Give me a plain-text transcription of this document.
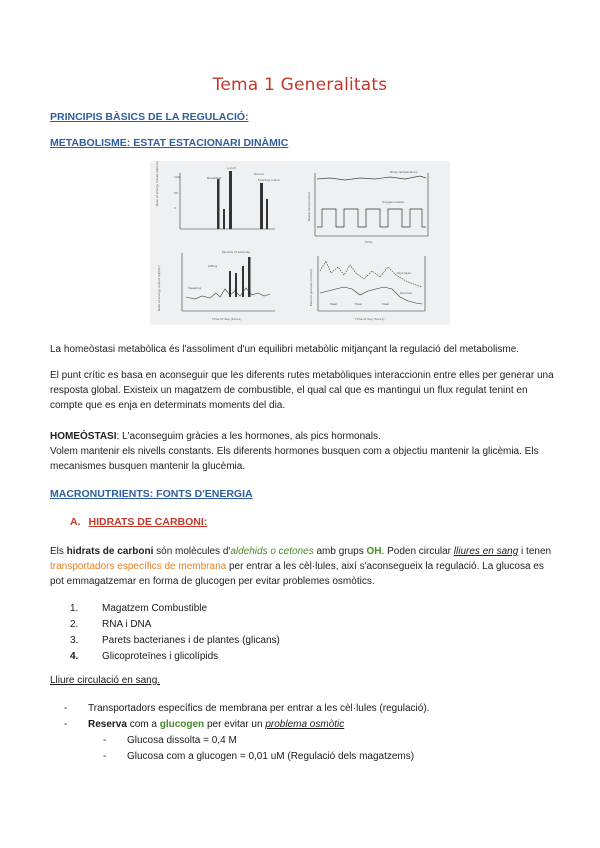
Tema 1 Generalitats
PRINCIPIS BÀSICS DE LA REGULACIÓ:
METABOLISME: ESTAT ESTACIONARI DINÀMIC
Rate of energy intake (kJ/min)	100
50
0
Breakfast
Lunch
Dinner
Evening snack
Body temperature
Oxygen intake
Rectal temperature
Time
Rate of energy output (kJ/min)
Periods of exercise
Lifting
Sleeping
Time of day (hours)
Plasma glucose (mmol/l)	Glycogen
Glucose
Meal	Meal	Meal
Time of day (hours)
La homeòstasi metabòlica és l'assoliment d'un equilibri metabòlic mitjançant la regulació del metabolisme.
El punt crític es basa en aconseguir que les diferents rutes metabòliques interaccionin entre elles per generar una resposta global. Existeix un magatzem de combustible, el qual cal que es mantingui un flux regulat tenint en compte que es enja en determinats moments del dia.
HOMEÒSTASI: L'aconseguim gràcies a les hormones, als pics hormonals.
Volem mantenir els nivells constants. Els diferents hormones busquen com a objectiu mantenir la glicèmia. Els mecanismes busquen mantenir la glucèmia.
MACRONUTRIENTS: FONTS D'ENERGIA
A. HIDRATS DE CARBONI:
Els hidrats de carboni són molècules d'aldehids o cetones amb grups OH. Poden circular lliures en sang i tenen transportadors específics de membrana per entrar a les cèl·lules, així s'aconsegueix la regulació. La glucosa es pot emmagatzemar en forma de glucogen per evitar problemes osmòtics.
1.	Magatzem Combustible
2.	RNA i DNA
3.	Parets bacterianes i de plantes (glicans)
4.	Glicoproteïnes i glicolípids
Lliure circulació en sang.
-	Transportadors específics de membrana per entrar a les cèl·lules (regulació).
-	Reserva com a glucogen per evitar un problema osmòtic
-	Glucosa dissolta = 0,4 M
-	Glucosa com a glucogen = 0,01 uM (Regulació dels magatzems)
